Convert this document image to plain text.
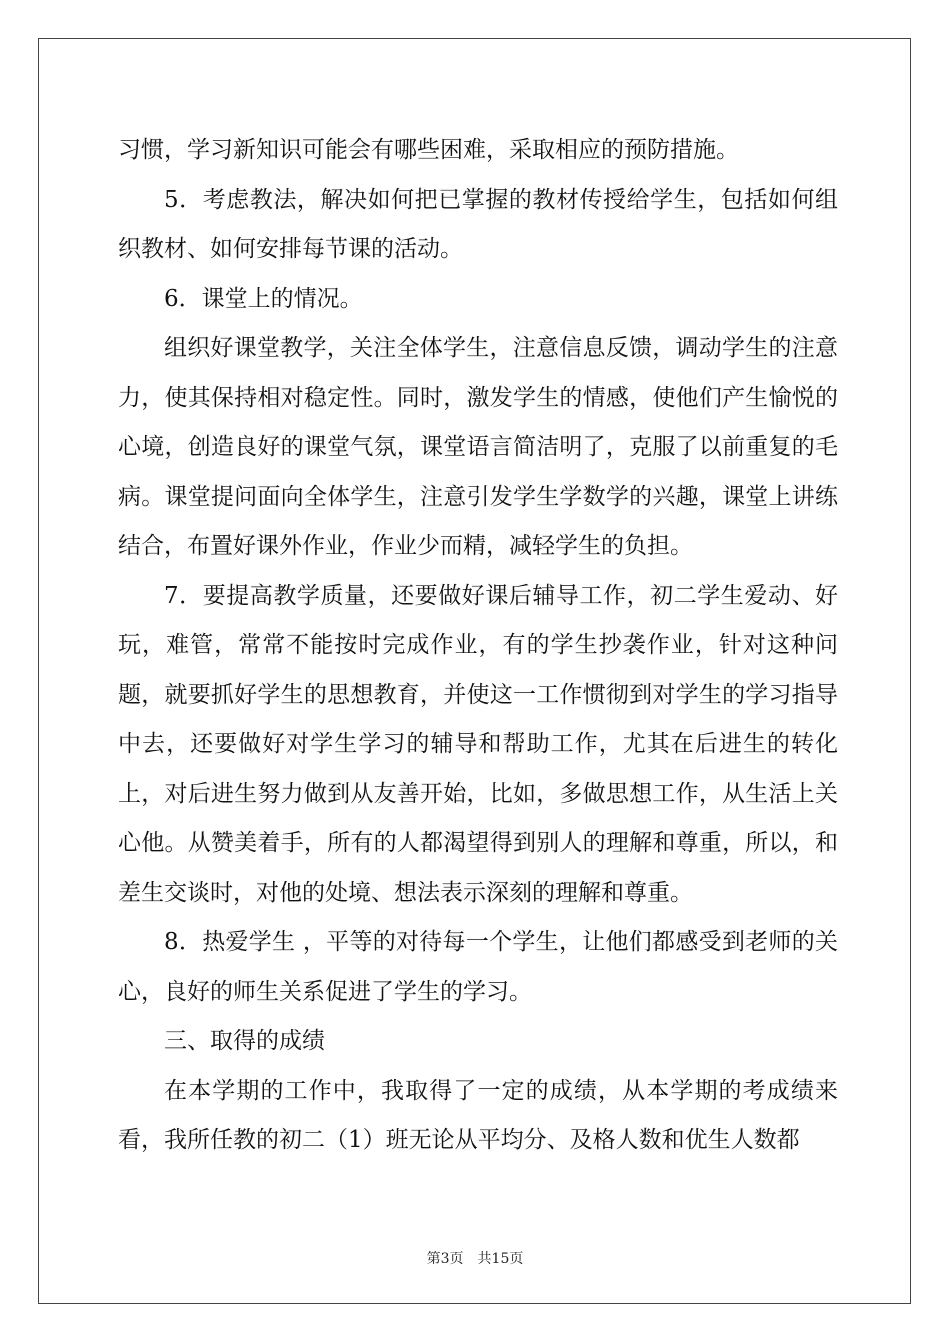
习惯，学习新知识可能会有哪些困难，采取相应的预防措施。

5．考虑教法，解决如何把已掌握的教材传授给学生，包括如何组织教材、如何安排每节课的活动。

6．课堂上的情况。

组织好课堂教学，关注全体学生，注意信息反馈，调动学生的注意力，使其保持相对稳定性。同时，激发学生的情感，使他们产生愉悦的心境，创造良好的课堂气氛，课堂语言简洁明了，克服了以前重复的毛病。课堂提问面向全体学生，注意引发学生学数学的兴趣，课堂上讲练结合，布置好课外作业，作业少而精，减轻学生的负担。

7．要提高教学质量，还要做好课后辅导工作，初二学生爱动、好玩，难管，常常不能按时完成作业，有的学生抄袭作业，针对这种问题，就要抓好学生的思想教育，并使这一工作惯彻到对学生的学习指导中去，还要做好对学生学习的辅导和帮助工作，尤其在后进生的转化上，对后进生努力做到从友善开始，比如，多做思想工作，从生活上关心他。从赞美着手，所有的人都渴望得到别人的理解和尊重，所以，和差生交谈时，对他的处境、想法表示深刻的理解和尊重。

8．热爱学生 ，平等的对待每一个学生，让他们都感受到老师的关心，良好的师生关系促进了学生的学习。

三、取得的成绩

在本学期的工作中，我取得了一定的成绩，从本学期的考成绩来看，我所任教的初二（1）班无论从平均分、及格人数和优生人数都

第3页　共15页
